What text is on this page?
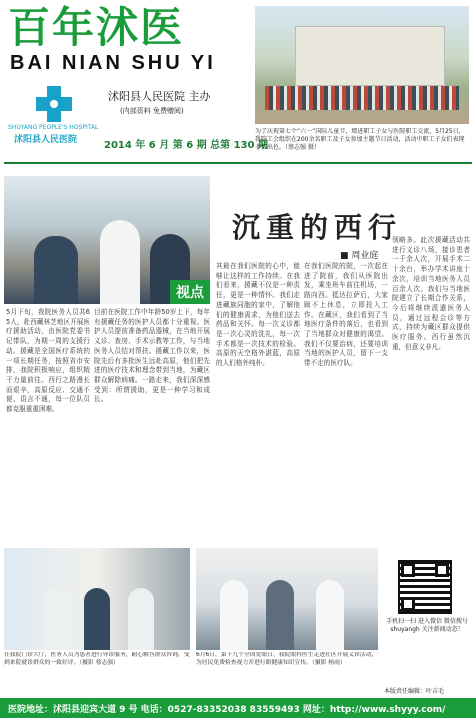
百年沭医
BAI NIAN SHU YI
SHUYANG PEOPLE'S HOSPITAL
沭阳县人民医院
沭阳县人民医院 主办
(内部资料 免费赠阅)
2014 年 6 月 第 6 期 总第 130 期
为了庆祝第七个“六一”国际儿童节，增进职工子女与医院职工交流，5月25日，我院工会组织在200余名职工及子女参加主题节日活动，活动中职工子女们表现非常出色。（蔡志强 摄）
视点
沉重的西行
■ 周业庭
5月下旬，我院医务人员共65人，赴西藏林芝地区开展医疗援助活动，由医院党委书记带队，为期一周的支援行动。援藏是全国医疗系统的一项长期任务，按照省市安排，我院积极响应，组织精干力量前往。西行之路漫长而艰辛，高原反应、交通不便、语言不通，每一位队员都克服重重困难。
目前在医院工作中年龄50岁上下，每年有援藏任务的医护人员都十分重视。医护人员提前准备药品器械，在当地开展义诊、查房、手术示教等工作，与当地医务人员结对帮扶。援藏工作以来，医院先后有多批医生远赴高原，他们把先进的医疗技术和理念带到当地，为藏区群众解除病痛。一路走来，我们深深感受到：所谓援助，更是一种学习和成长。
其最在我们医院的心中，能够让这样的工作持续。在我们看来，援藏不仅是一种责任，更是一种情怀。我们走进藏族同胞的家中，了解他们的健康需求，为他们送去药品和关怀。每一次义诊都是一次心灵的洗礼，每一次手术都是一次技术的检验。高原的天空格外湛蓝，高原的人们格外纯朴。
在我们医院的院，一次起在进了院前，我们从医院出发，乘坐班车前往机场，一路向西。抵达拉萨后，大家顾不上休息，立即投入工作。在藏区，我们看到了当地医疗条件的落后，也看到了当地群众对健康的渴望。我们不仅要治病，还要培训当地的医护人员，留下一支带不走的医疗队。
领略多。此次援藏活动共进行义诊八场，接诊患者一千余人次，开展手术二十余台，举办学术讲座十余次，培训当地医务人员百余人次。我们与当地医院建立了长期合作关系，今后将继续派遣医务人员，通过远程会诊等方式，持续为藏区群众提供医疗服务。西行虽然沉重，但意义非凡。
在我院门诊大厅，医务人员为患者进行导诊服务，耐心解答群众咨询，受到来院就诊群众的一致好评。（摄影 蔡志强）
6月6日，第十九个全国爱眼日，我院眼科医生走进社区开展义诊活动，为居民免费检查视力并进行眼健康知识宣传。（摄影 杨雨）
手机扫一扫 进入微信 微信搜号 shuyangh 关注新闻动态！
本版责任编辑：叶吉毛
医院地址：沭阳县迎宾大道 9 号 电话：0527-83352038 83559493 网址：http://www.shyyy.com/
